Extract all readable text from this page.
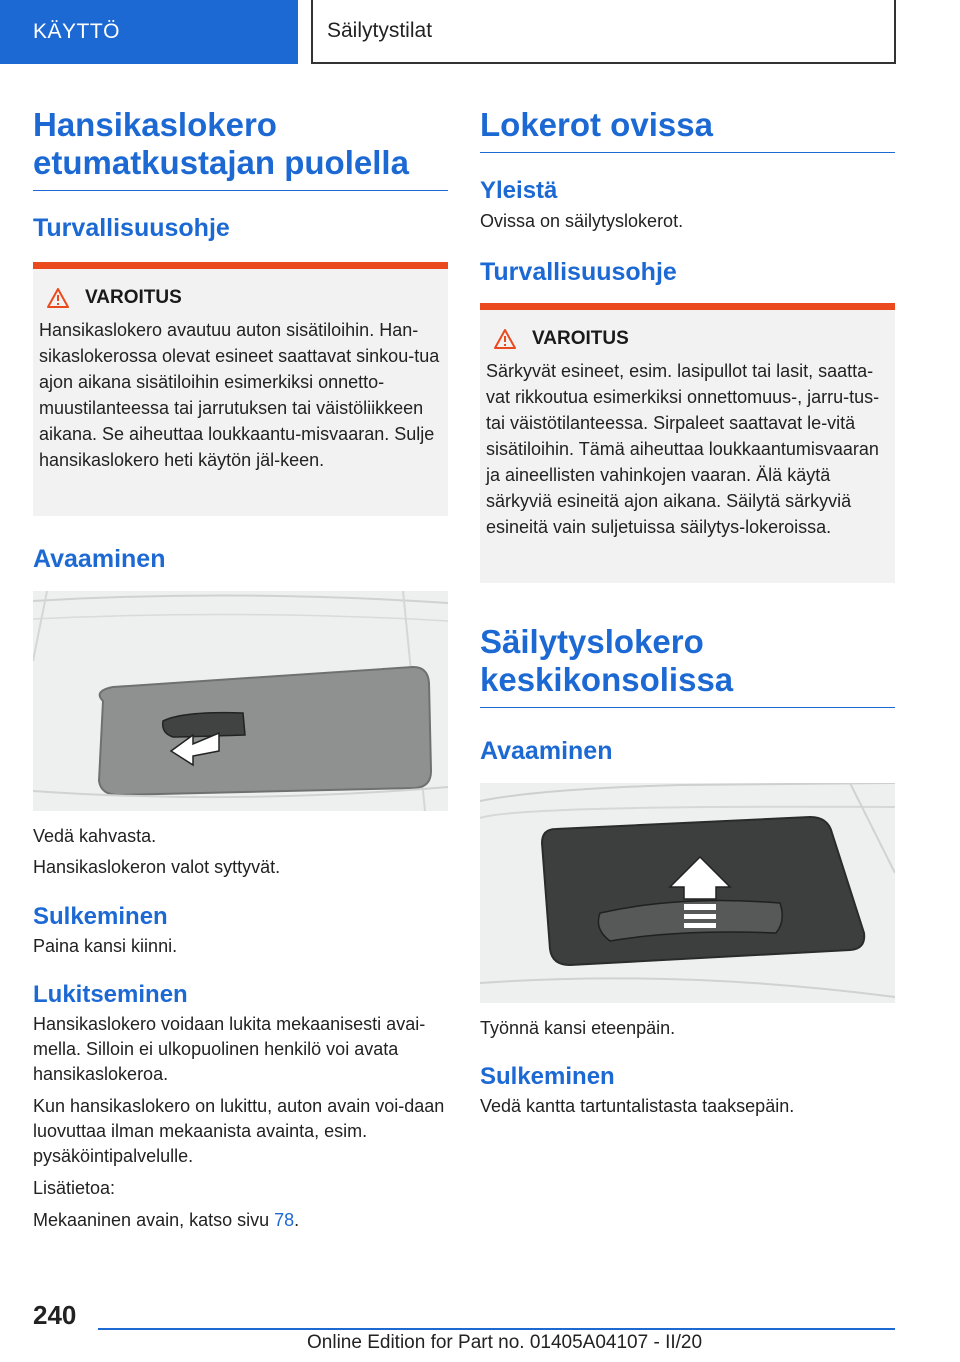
KÄYTTÖ	Säilytystilat
Hansikaslokero etumatkustajan puolella
Turvallisuusohje
VAROITUS

Hansikaslokero avautuu auton sisätiloihin. Han-sikaslokerossa olevat esineet saattavat sinkou-tua ajon aikana sisätiloihin esimerkiksi onnetto-muustilanteessa tai jarrutuksen tai väistöliikkeen aikana. Se aiheuttaa loukkaantu-misvaaran. Sulje hansikaslokero heti käytön jäl-keen.

Avaaminen

Vedä kahvasta.

Hansikaslokeron valot syttyvät.

Sulkeminen

Paina kansi kiinni.

Lukitseminen

Hansikaslokero voidaan lukita mekaanisesti avai-mella. Silloin ei ulkopuolinen henkilö voi avata hansikaslokeroa.

Kun hansikaslokero on lukittu, auton avain voi-daan luovuttaa ilman mekaanista avainta, esim. pysäköintipalvelulle.

Lisätietoa:

Mekaaninen avain, katso sivu 78.

Lokerot ovissa
Yleistä

Ovissa on säilytyslokerot.

Turvallisuusohje
VAROITUS

Särkyvät esineet, esim. lasipullot tai lasit, saatta-vat rikkoutua esimerkiksi onnettomuus-, jarru-tus- tai väistötilanteessa. Sirpaleet saattavat le-vitä sisätiloihin. Tämä aiheuttaa loukkaantumisvaaran ja aineellisten vahinkojen vaaran. Älä käytä särkyviä esineitä ajon aikana. Säilytä särkyviä esineitä vain suljetuissa säilytys-lokeroissa.

Säilytyslokero keskikonsolissa
Avaaminen

Työnnä kansi eteenpäin.

Sulkeminen

Vedä kantta tartuntalistasta taaksepäin.

240
Online Edition for Part no. 01405A04107 - II/20
